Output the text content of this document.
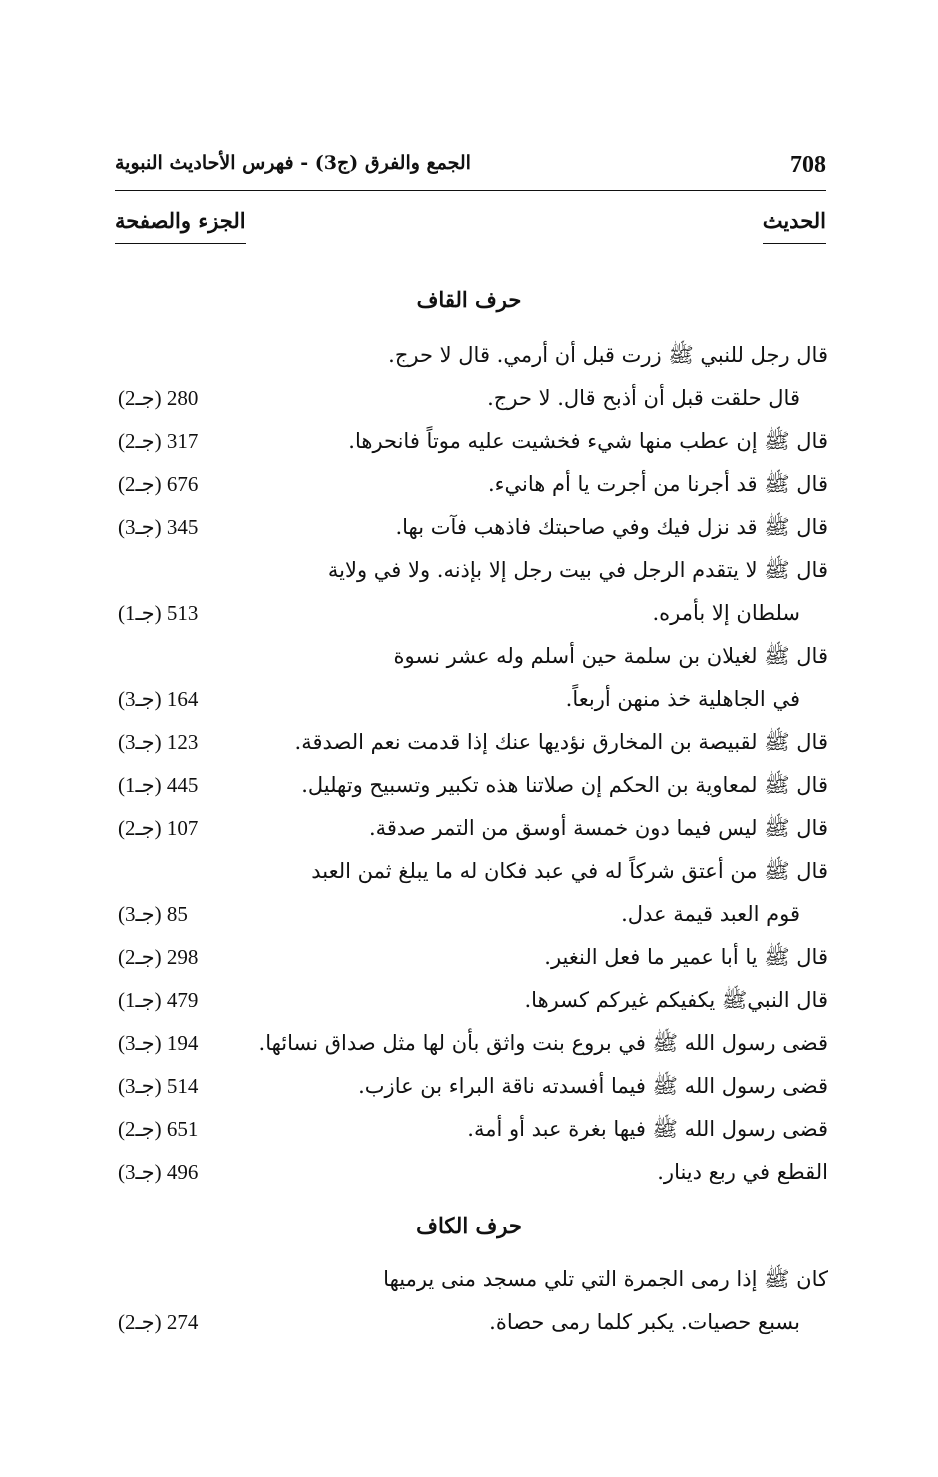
708
الجمع والفرق (ج3) - فهرس الأحاديث النبوية
الحديث
الجزء والصفحة
حرف القاف
قال رجل للنبي ﷺ زرت قبل أن أرمي. قال لا حرج.
قال حلقت قبل أن أذبح قال. لا حرج.
(جـ2) 280
قال ﷺ إن عطب منها شيء فخشيت عليه موتاً فانحرها.
(جـ2) 317
قال ﷺ قد أجرنا من أجرت يا أم هانيء.
(جـ2) 676
قال ﷺ قد نزل فيك وفي صاحبتك فاذهب فآت بها.
(جـ3) 345
قال ﷺ لا يتقدم الرجل في بيت رجل إلا بإذنه. ولا في ولاية
سلطان إلا بأمره.
(جـ1) 513
قال ﷺ لغيلان بن سلمة حين أسلم وله عشر نسوة
في الجاهلية خذ منهن أربعاً.
(جـ3) 164
قال ﷺ لقبيصة بن المخارق نؤديها عنك إذا قدمت نعم الصدقة.
(جـ3) 123
قال ﷺ لمعاوية بن الحكم إن صلاتنا هذه تكبير وتسبيح وتهليل.
(جـ1) 445
قال ﷺ ليس فيما دون خمسة أوسق من التمر صدقة.
(جـ2) 107
قال ﷺ من أعتق شركاً له في عبد فكان له ما يبلغ ثمن العبد
قوم العبد قيمة عدل.
(جـ3) 85
قال ﷺ يا أبا عمير ما فعل النغير.
(جـ2) 298
قال النبيﷺ يكفيكم غيركم كسرها.
(جـ1) 479
قضى رسول الله ﷺ في بروع بنت واثق بأن لها مثل صداق نسائها.
(جـ3) 194
قضى رسول الله ﷺ فيما أفسدته ناقة البراء بن عازب.
(جـ3) 514
قضى رسول الله ﷺ فيها بغرة عبد أو أمة.
(جـ2) 651
القطع في ربع دينار.
(جـ3) 496
حرف الكاف
كان ﷺ إذا رمى الجمرة التي تلي مسجد منى يرميها
بسبع حصيات. يكبر كلما رمى حصاة.
(جـ2) 274
